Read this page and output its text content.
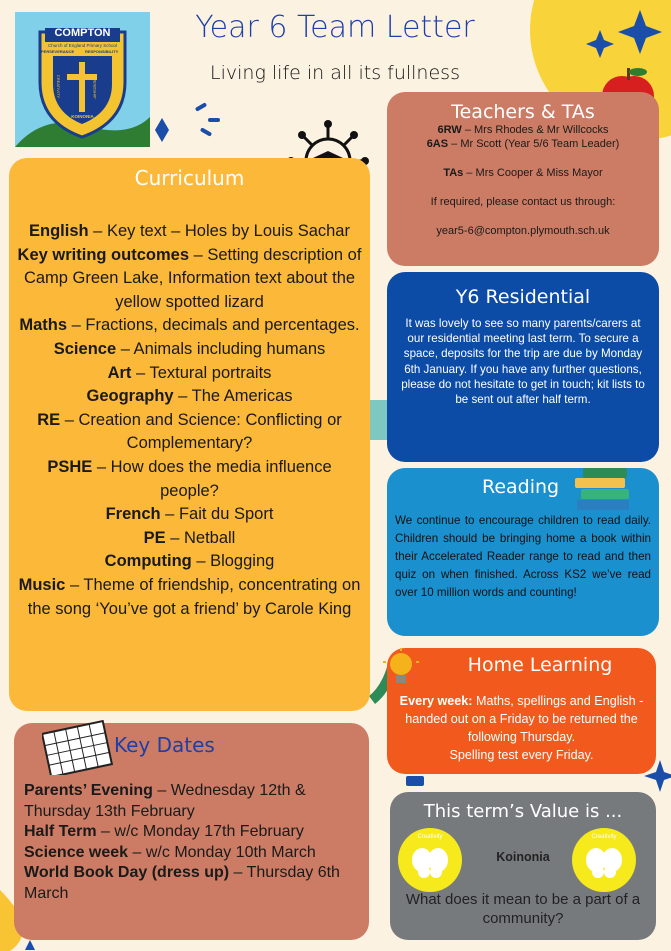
COMPTON
Church of England Primary School
PERSEVERANCE	RESPONSIBILITY
CREATIVITY	FRIENDSHIP
KOINONIA
Year 6 Team Letter
Living life in all its fullness
Curriculum
English – Key text – Holes by Louis Sachar
Key writing outcomes – Setting description of Camp Green Lake, Information text about the yellow spotted lizard
Maths – Fractions, decimals and percentages.
Science – Animals including humans
Art – Textural portraits
Geography – The Americas
RE – Creation and Science: Conflicting or Complementary?
PSHE – How does the media influence people?
French – Fait du Sport
PE – Netball
Computing – Blogging
Music – Theme of friendship, concentrating on the song ‘You’ve got a friend’ by Carole King
Key Dates
Parents’ Evening – Wednesday 12th & Thursday 13th February
Half Term – w/c Monday 17th February
Science week – w/c Monday 10th March
World Book Day (dress up) – Thursday 6th March
Teachers & TAs
6RW – Mrs Rhodes & Mr Willcocks
6AS – Mr Scott (Year 5/6 Team Leader)
TAs – Mrs Cooper & Miss Mayor
If required, please contact us through:
year5-6@compton.plymouth.sch.uk
Y6 Residential

It was lovely to see so many parents/carers at our residential meeting last term. To secure a space, deposits for the trip are due by Monday 6th January. If you have any further questions, please do not hesitate to get in touch; kit lists to be sent out after half term.

Reading

We continue to encourage children to read daily. Children should be bringing home a book within their Accelerated Reader range to read and then quiz on when finished. Across KS2 we’ve read over 10 million words and counting!

Home Learning

Every week: Maths, spellings and English - handed out on a Friday to be returned the following Thursday.
Spelling test every Friday.

This term’s Value is ...
Creativity
Koinonia
Creativity
What does it mean to be a part of a community?
